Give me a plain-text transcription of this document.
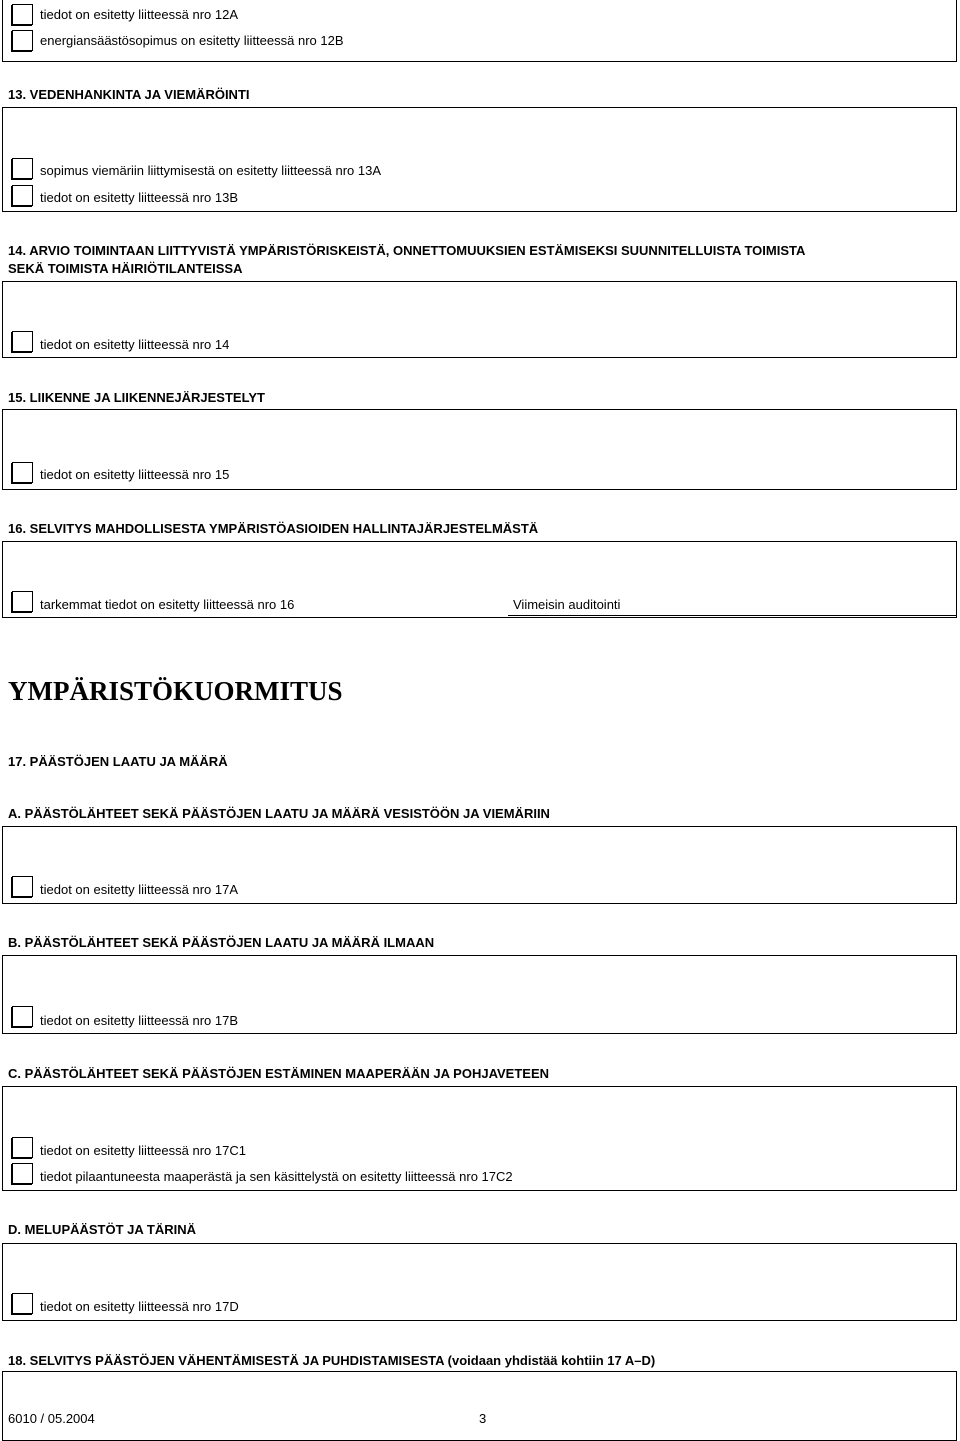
tiedot on esitetty liitteessä nro 12A
energiansäästösopimus on esitetty liitteessä nro 12B
13. VEDENHANKINTA JA VIEMÄRÖINTI
sopimus viemäriin liittymisestä on esitetty liitteessä nro 13A
tiedot on esitetty liitteessä nro 13B
14. ARVIO TOIMINTAAN LIITTYVISTÄ YMPÄRISTÖRISKEISTÄ, ONNETTOMUUKSIEN ESTÄMISEKSI SUUNNITELLUISTA TOIMISTA
SEKÄ TOIMISTA HÄIRIÖTILANTEISSA
tiedot on esitetty liitteessä nro 14
15. LIIKENNE JA LIIKENNEJÄRJESTELYT
tiedot on esitetty liitteessä nro 15
16. SELVITYS MAHDOLLISESTA YMPÄRISTÖASIOIDEN HALLINTAJÄRJESTELMÄSTÄ
tarkemmat tiedot on esitetty liitteessä nro 16	Viimeisin auditointi
YMPÄRISTÖKUORMITUS
17. PÄÄSTÖJEN LAATU JA MÄÄRÄ
A. PÄÄSTÖLÄHTEET SEKÄ PÄÄSTÖJEN LAATU JA MÄÄRÄ VESISTÖÖN JA VIEMÄRIIN
tiedot on esitetty liitteessä nro 17A
B. PÄÄSTÖLÄHTEET SEKÄ PÄÄSTÖJEN LAATU JA MÄÄRÄ ILMAAN
tiedot on esitetty liitteessä nro 17B
C. PÄÄSTÖLÄHTEET SEKÄ PÄÄSTÖJEN ESTÄMINEN MAAPERÄÄN JA POHJAVETEEN
tiedot on esitetty liitteessä nro 17C1
tiedot pilaantuneesta maaperästä ja sen käsittelystä on esitetty liitteessä nro 17C2
D. MELUPÄÄSTÖT JA TÄRINÄ
tiedot on esitetty liitteessä nro 17D
18. SELVITYS PÄÄSTÖJEN VÄHENTÄMISESTÄ JA PUHDISTAMISESTA (voidaan yhdistää kohtiin 17 A–D)
6010 / 05.2004	3
